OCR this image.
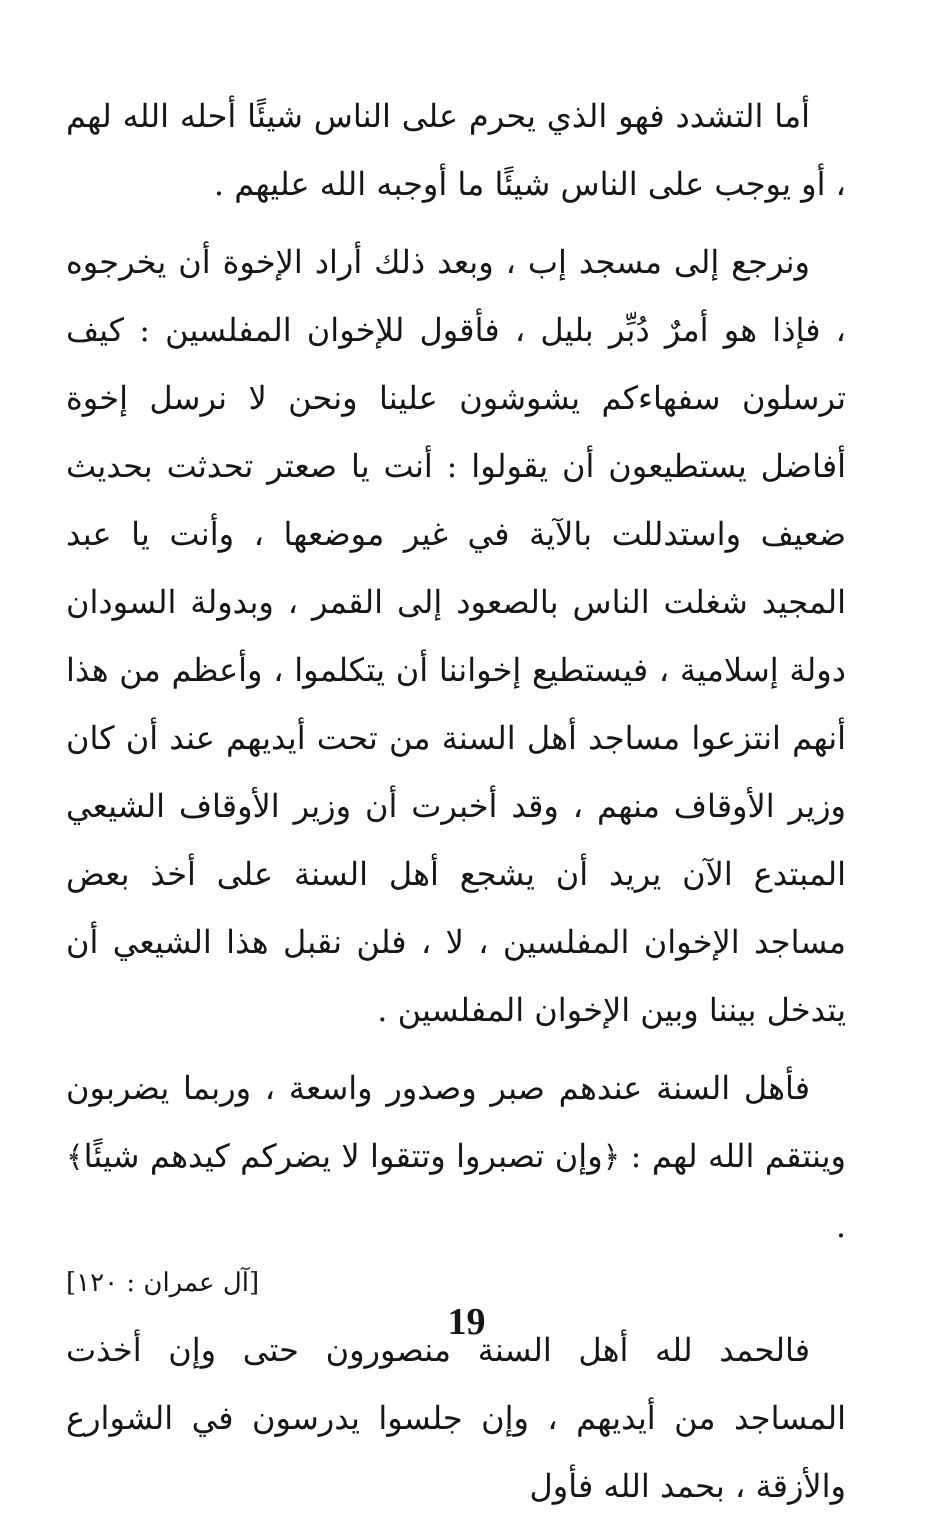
أما التشدد فهو الذي يحرم على الناس شيئًا أحله الله لهم ، أو يوجب على الناس شيئًا ما أوجبه الله عليهم .

ونرجع إلى مسجد إب ، وبعد ذلك أراد الإخوة أن يخرجوه ، فإذا هو أمرٌ دُبِّر بليل ، فأقول للإخوان المفلسين : كيف ترسلون سفهاءكم يشوشون علينا ونحن لا نرسل إخوة أفاضل يستطيعون أن يقولوا : أنت يا صعتر تحدثت بحديث ضعيف واستدللت بالآية في غير موضعها ، وأنت يا عبد المجيد شغلت الناس بالصعود إلى القمر ، وبدولة السودان دولة إسلامية ، فيستطيع إخواننا أن يتكلموا ، وأعظم من هذا أنهم انتزعوا مساجد أهل السنة من تحت أيديهم عند أن كان وزير الأوقاف منهم ، وقد أخبرت أن وزير الأوقاف الشيعي المبتدع الآن يريد أن يشجع أهل السنة على أخذ بعض مساجد الإخوان المفلسين ، لا ، فلن نقبل هذا الشيعي أن يتدخل بيننا وبين الإخوان المفلسين .

فأهل السنة عندهم صبر وصدور واسعة ، وربما يضربون وينتقم الله لهم : ﴿وإن تصبروا وتتقوا لا يضركم كيدهم شيئًا﴾ .

[آل عمران : ١٢٠]

فالحمد لله أهل السنة منصورون حتى وإن أخذت المساجد من أيديهم ، وإن جلسوا يدرسون في الشوارع والأزقة ، بحمد الله فأول

19
